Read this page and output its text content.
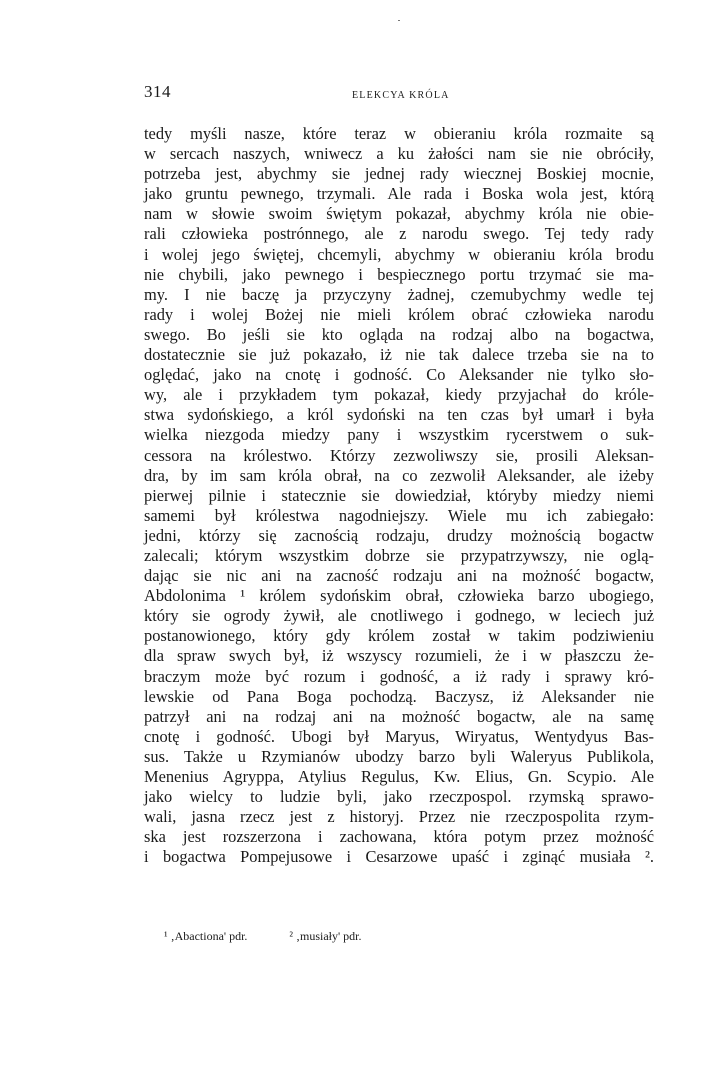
314	ELEKCYA KRÓLA
tedy myśli nasze, które teraz w obieraniu króla rozmaite są
w sercach naszych, wniwecz a ku żałości nam sie nie obróciły,
potrzeba jest, abychmy sie jednej rady wiecznej Boskiej mocnie,
jako gruntu pewnego, trzymali. Ale rada i Boska wola jest, którą
nam w słowie swoim świętym pokazał, abychmy króla nie obie-
rali człowieka postrónnego, ale z narodu swego. Tej tedy rady
i wolej jego świętej, chcemyli, abychmy w obieraniu króla brodu
nie chybili, jako pewnego i bespiecznego portu trzymać sie ma-
my. I nie baczę ja przyczyny żadnej, czemubychmy wedle tej
rady i wolej Bożej nie mieli królem obrać człowieka narodu
swego. Bo jeśli sie kto ogląda na rodzaj albo na bogactwa,
dostatecznie sie już pokazało, iż nie tak dalece trzeba sie na to
oględać, jako na cnotę i godność. Co Aleksander nie tylko sło-
wy, ale i przykładem tym pokazał, kiedy przyjachał do króle-
stwa sydońskiego, a król sydoński na ten czas był umarł i była
wielka niezgoda miedzy pany i wszystkim rycerstwem o suk-
cessora na królestwo. Którzy zezwoliwszy sie, prosili Aleksan-
dra, by im sam króla obrał, na co zezwolił Aleksander, ale iżeby
pierwej pilnie i statecznie sie dowiedział, któryby miedzy niemi
samemi był królestwa nagodniejszy. Wiele mu ich zabiegało:
jedni, którzy się zacnością rodzaju, drudzy możnością bogactw
zalecali; którym wszystkim dobrze sie przypatrzywszy, nie oglą-
dając sie nic ani na zacność rodzaju ani na możność bogactw,
Abdolonima ¹ królem sydońskim obrał, człowieka barzo ubogiego,
który sie ogrody żywił, ale cnotliwego i godnego, w leciech już
postanowionego, który gdy królem został w takim podziwieniu
dla spraw swych był, iż wszyscy rozumieli, że i w płaszczu że-
braczym może być rozum i godność, a iż rady i sprawy kró-
lewskie od Pana Boga pochodzą. Baczysz, iż Aleksander nie
patrzył ani na rodzaj ani na możność bogactw, ale na samę
cnotę i godność. Ubogi był Maryus, Wiryatus, Wentydyus Bas-
sus. Także u Rzymianów ubodzy barzo byli Waleryus Publikola,
Menenius Agryppa, Atylius Regulus, Kw. Elius, Gn. Scypio. Ale
jako wielcy to ludzie byli, jako rzeczpospol. rzymską sprawo-
wali, jasna rzecz jest z historyj. Przez nie rzeczpospolita rzym-
ska jest rozszerzona i zachowana, która potym przez możność
i bogactwa Pompejusowe i Cesarzowe upaść i zginąć musiała ².
¹ ‚Abactiona' pdr.	² ‚musiały' pdr.
